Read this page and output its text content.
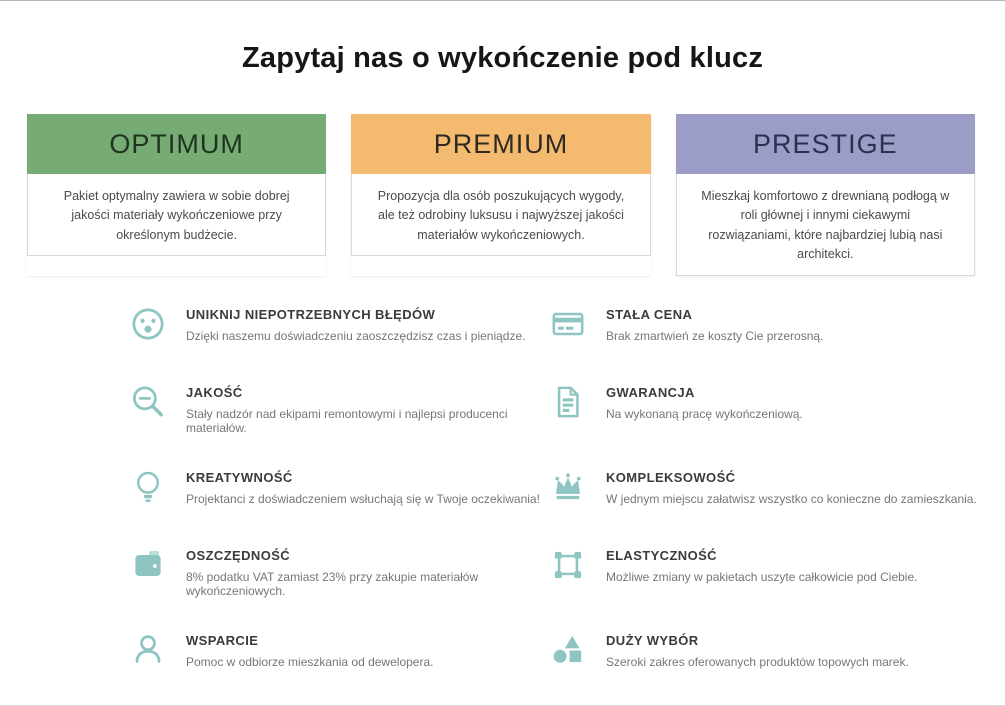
Zapytaj nas o wykończenie pod klucz
OPTIMUM
Pakiet optymalny zawiera w sobie dobrej jakości materiały wykończeniowe przy określonym budżecie.
PREMIUM
Propozycja dla osób poszukujących wygody, ale też odrobiny luksusu i najwyższej jakości materiałów wykończeniowych.
PRESTIGE
Mieszkaj komfortowo z drewnianą podłogą w roli głównej i innymi ciekawymi rozwiązaniami, które najbardziej lubią nasi architekci.
UNIKNIJ NIEPOTRZEBNYCH BŁĘDÓW
Dzięki naszemu doświadczeniu zaoszczędzisz czas i pieniądze.
STAŁA CENA
Brak zmartwień ze koszty Cie przerosną.
JAKOŚĆ
Stały nadzór nad ekipami remontowymi i najlepsi producenci materiałów.
GWARANCJA
Na wykonaną pracę wykończeniową.
KREATYWNOŚĆ
Projektanci z doświadczeniem wsłuchają się w Twoje oczekiwania!
KOMPLEKSOWOŚĆ
W jednym miejscu załatwisz wszystko co konieczne do zamieszkania.
OSZCZĘDNOŚĆ
8% podatku VAT zamiast 23% przy zakupie materiałów wykończeniowych.
ELASTYCZNOŚĆ
Możliwe zmiany w pakietach uszyte całkowicie pod Ciebie.
WSPARCIE
Pomoc w odbiorze mieszkania od dewelopera.
DUŻY WYBÓR
Szeroki zakres oferowanych produktów topowych marek.
